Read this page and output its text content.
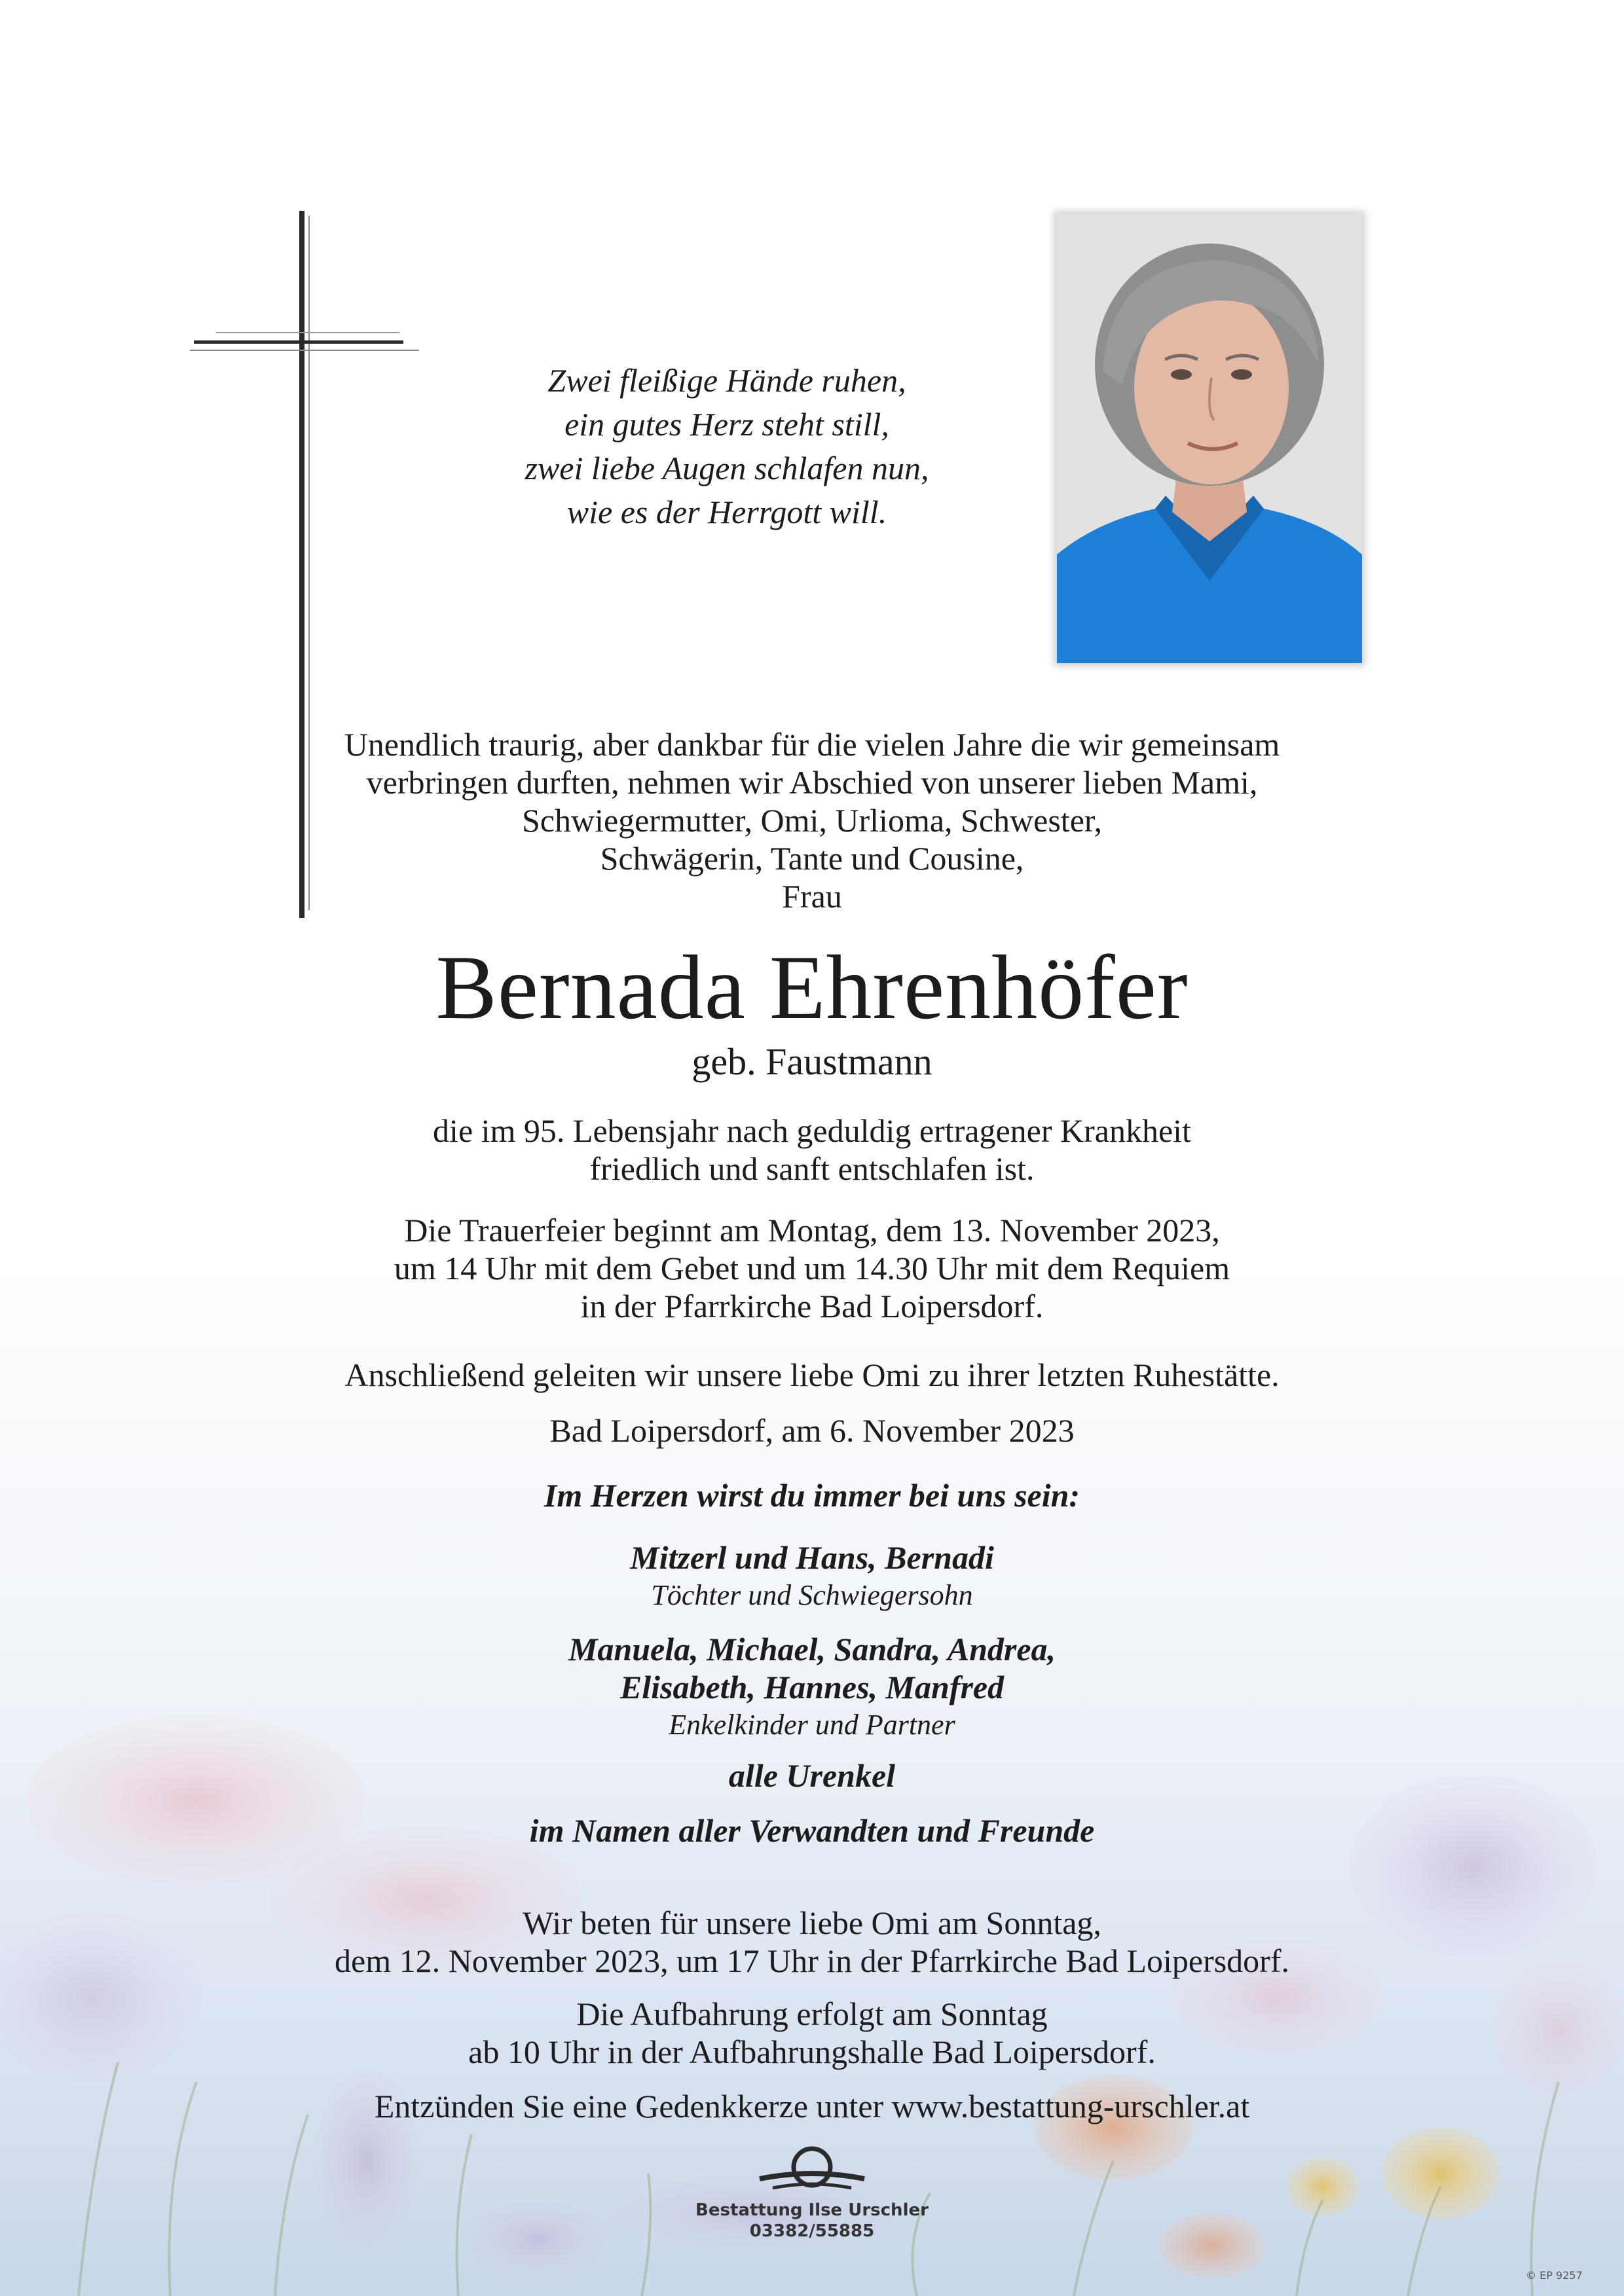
Zwei fleißige Hände ruhen,
ein gutes Herz steht still,
zwei liebe Augen schlafen nun,
wie es der Herrgott will.
Unendlich traurig, aber dankbar für die vielen Jahre die wir gemeinsam
verbringen durften, nehmen wir Abschied von unserer lieben Mami,
Schwiegermutter, Omi, Urlioma, Schwester,
Schwägerin, Tante und Cousine,
Frau
Bernada Ehrenhöfer
geb. Faustmann
die im 95. Lebensjahr nach geduldig ertragener Krankheit
friedlich und sanft entschlafen ist.
Die Trauerfeier beginnt am Montag, dem 13. November 2023,
um 14 Uhr mit dem Gebet und um 14.30 Uhr mit dem Requiem
in der Pfarrkirche Bad Loipersdorf.
Anschließend geleiten wir unsere liebe Omi zu ihrer letzten Ruhestätte.
Bad Loipersdorf, am 6. November 2023
Im Herzen wirst du immer bei uns sein:
Mitzerl und Hans, Bernadi
Töchter und Schwiegersohn
Manuela, Michael, Sandra, Andrea,
Elisabeth, Hannes, Manfred
Enkelkinder und Partner
alle Urenkel
im Namen aller Verwandten und Freunde
Wir beten für unsere liebe Omi am Sonntag,
dem 12. November 2023, um 17 Uhr in der Pfarrkirche Bad Loipersdorf.
Die Aufbahrung erfolgt am Sonntag
ab 10 Uhr in der Aufbahrungshalle Bad Loipersdorf.
Entzünden Sie eine Gedenkkerze unter www.bestattung-urschler.at
Bestattung Ilse Urschler
03382/55885
© EP 9257
